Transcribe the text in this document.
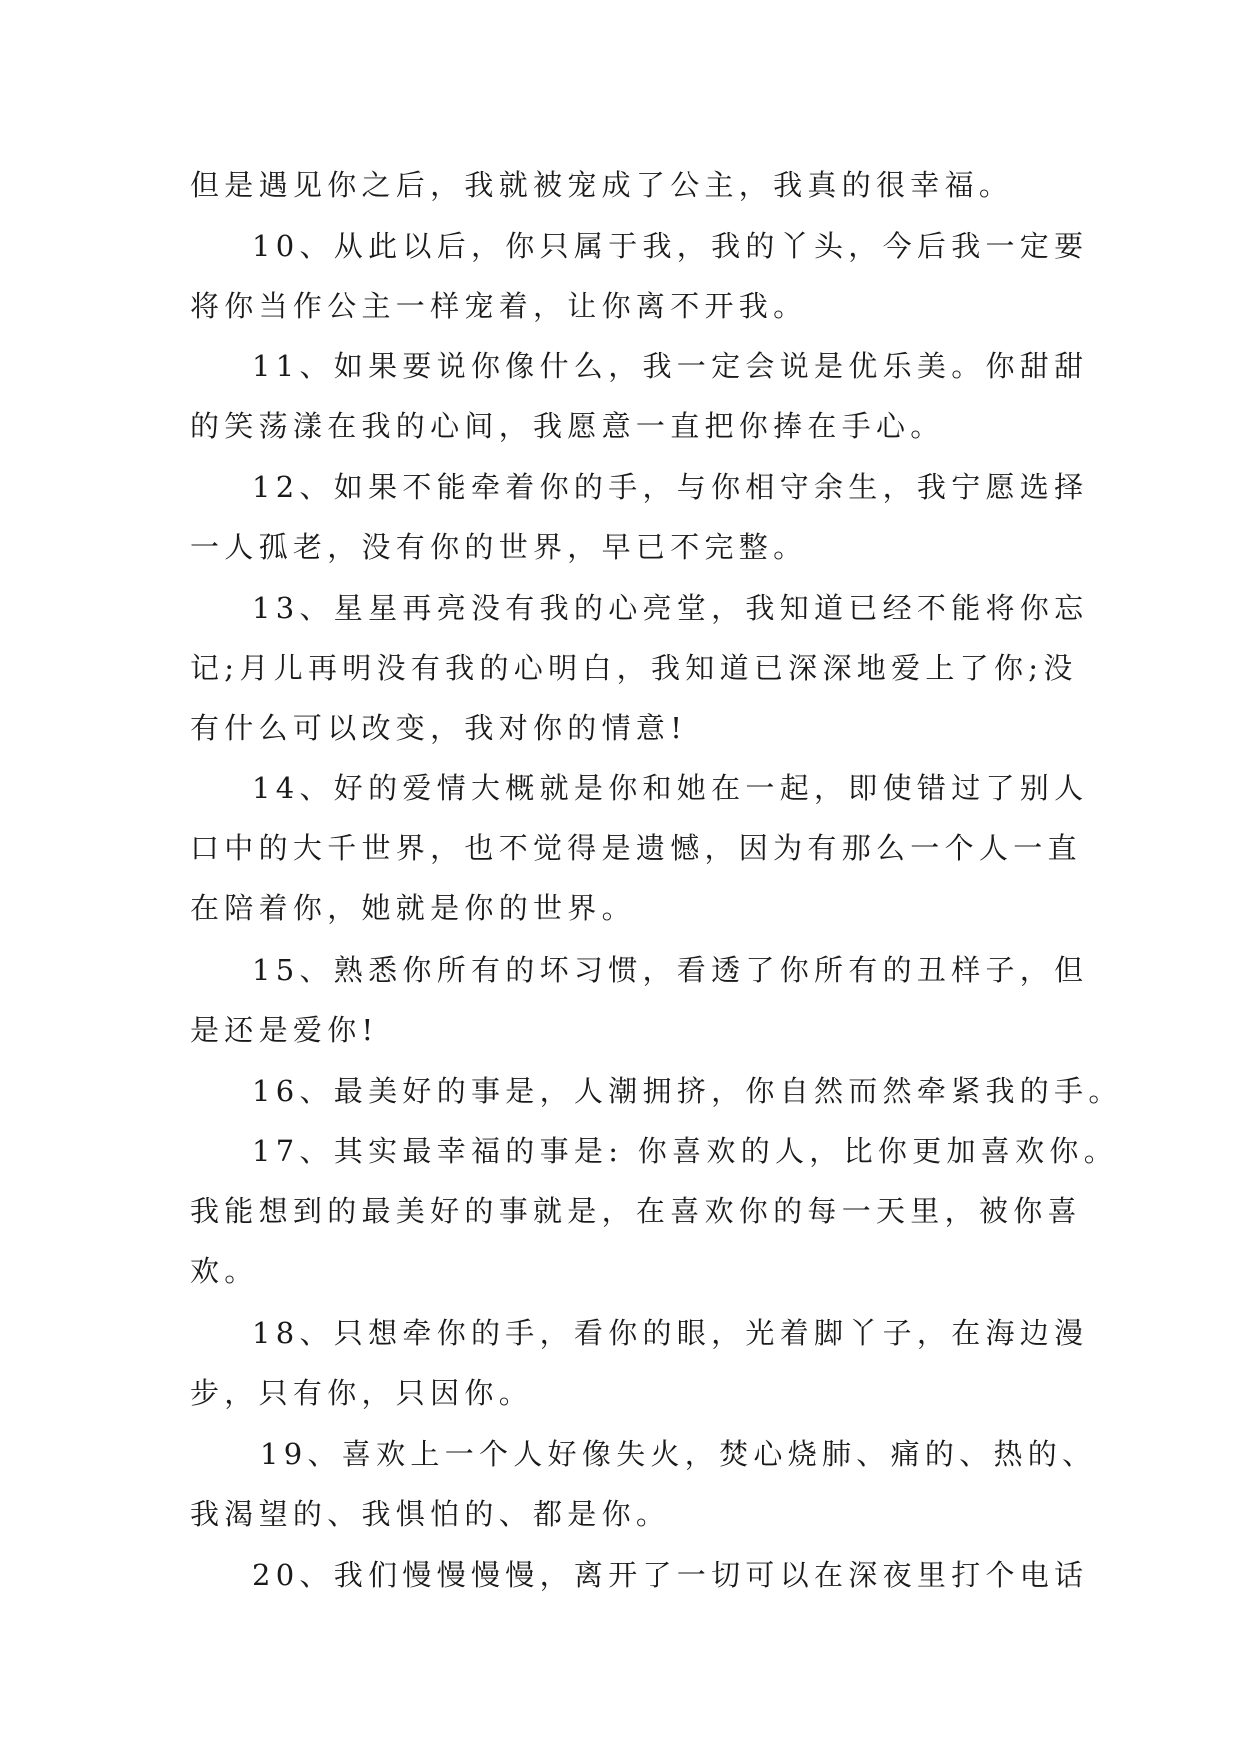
但是遇见你之后，我就被宠成了公主，我真的很幸福。
10、从此以后，你只属于我，我的丫头，今后我一定要
将你当作公主一样宠着，让你离不开我。
11、如果要说你像什么，我一定会说是优乐美。你甜甜
的笑荡漾在我的心间，我愿意一直把你捧在手心。
12、如果不能牵着你的手，与你相守余生，我宁愿选择
一人孤老，没有你的世界，早已不完整。
13、星星再亮没有我的心亮堂，我知道已经不能将你忘
记;月儿再明没有我的心明白，我知道已深深地爱上了你;没
有什么可以改变，我对你的情意!
14、好的爱情大概就是你和她在一起，即使错过了别人
口中的大千世界，也不觉得是遗憾，因为有那么一个人一直
在陪着你，她就是你的世界。
15、熟悉你所有的坏习惯，看透了你所有的丑样子，但
是还是爱你!
16、最美好的事是，人潮拥挤，你自然而然牵紧我的手。
17、其实最幸福的事是: 你喜欢的人，比你更加喜欢你。
我能想到的最美好的事就是，在喜欢你的每一天里，被你喜
欢。
18、只想牵你的手，看你的眼，光着脚丫子，在海边漫
步，只有你，只因你。
19、喜欢上一个人好像失火，焚心烧肺、痛的、热的、
我渴望的、我惧怕的、都是你。
20、我们慢慢慢慢，离开了一切可以在深夜里打个电话
